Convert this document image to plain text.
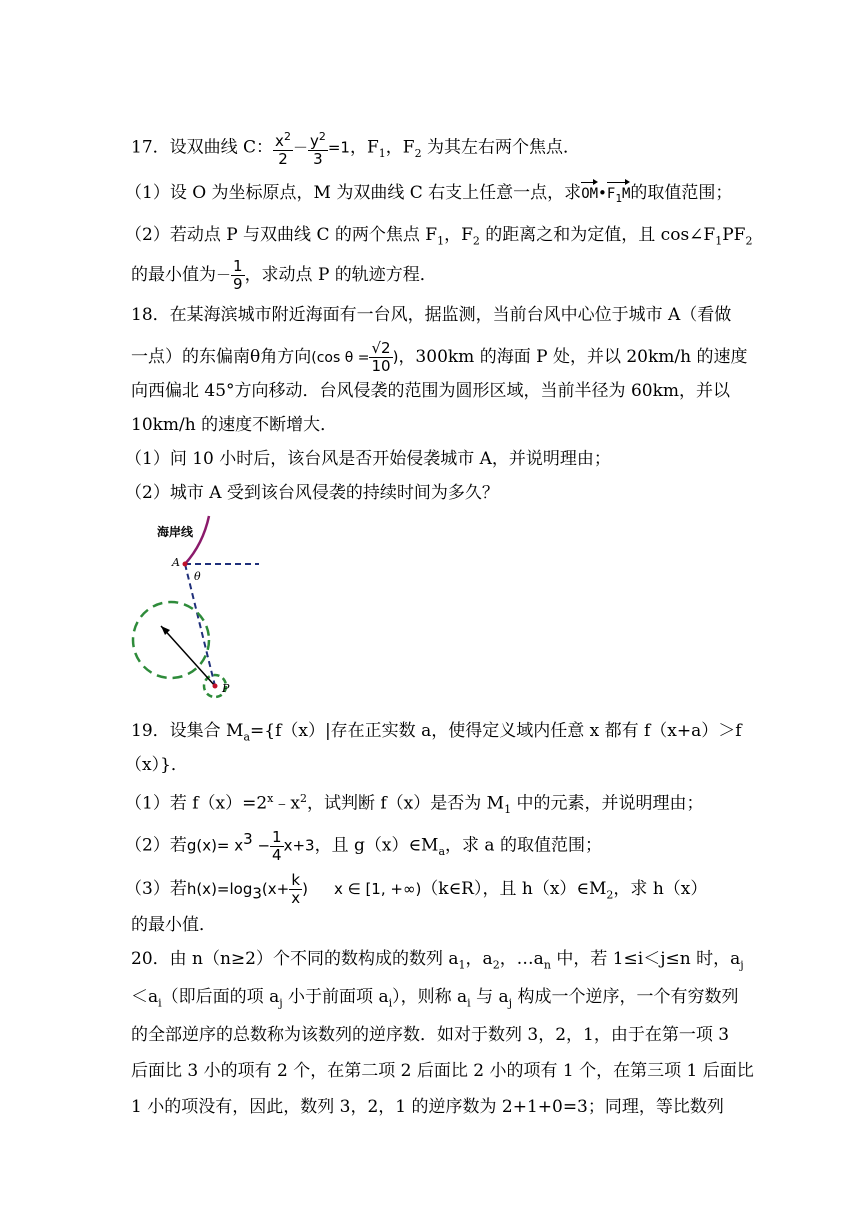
17．设双曲线 C： $\frac{x^2}{2} - \frac{y^2}{3} =1$，$F_1$，$F_2$ 为其左右两个焦点．
（1）设 O 为坐标原点，M 为双曲线 C 右支上任意一点，求$OM•F_1M$的取值范围；
（2）若动点 P 与双曲线 C 的两个焦点 $F_1$，$F_2$ 的距离之和为定值，且 $\cos\angle F_1PF_2$
的最小值为－ $\frac{1}{9}$ ，求动点 P 的轨迹方程．
18．在某海滨城市附近海面有一台风，据监测，当前台风中心位于城市 A（看做
一点）的东偏南θ角方向(cos $\theta = \frac{√2}{10}$ )，300km 的海面 P 处，并以 20km/h 的速度
向西偏北 45°方向移动．台风侵袭的范围为圆形区域，当前半径为 60km，并以
10km/h 的速度不断增大．
（1）问 10 小时后，该台风是否开始侵袭城市 A，并说明理由；
（2）城市 A 受到该台风侵袭的持续时间为多久？
海岸线
A
θ
P
19．设集合 $M_a=\{f(x)|$存在正实数 a，使得定义域内任意 x 都有 f（x+a）＞f
（x）}．
（1）若 $f(x)=2^x﹣x^2$，试判断 f（x）是否为 $M_1$ 中的元素，并说明理由；
（2）若$g(x)= x^3 - \frac{1}{4} x+3$，且 $g(x)\in M_a$，求 a 的取值范围；
（3）若$h(x)=\log_3(x+ \frac{k}{x}$ ) x ∈ [1, +∞)（k∈R），且 $h(x)\in M_2$，求 h（x）
的最小值．
20．由 n（n≥2）个不同的数构成的数列 $a_1$，$a_2$，$\dots a_n$ 中，若 1≤i＜j≤n 时，$a_j$
$<a_i$（即后面的项 $a_j$ 小于前面项 $a_i$），则称 $a_i$ 与 $a_j$ 构成一个逆序，一个有穷数列
的全部逆序的总数称为该数列的逆序数．如对于数列 3，2，1，由于在第一项 3
后面比 3 小的项有 2 个，在第二项 2 后面比 2 小的项有 1 个，在第三项 1 后面比
1 小的项没有，因此，数列 3，2，1 的逆序数为 2+1+0=3；同理，等比数列
